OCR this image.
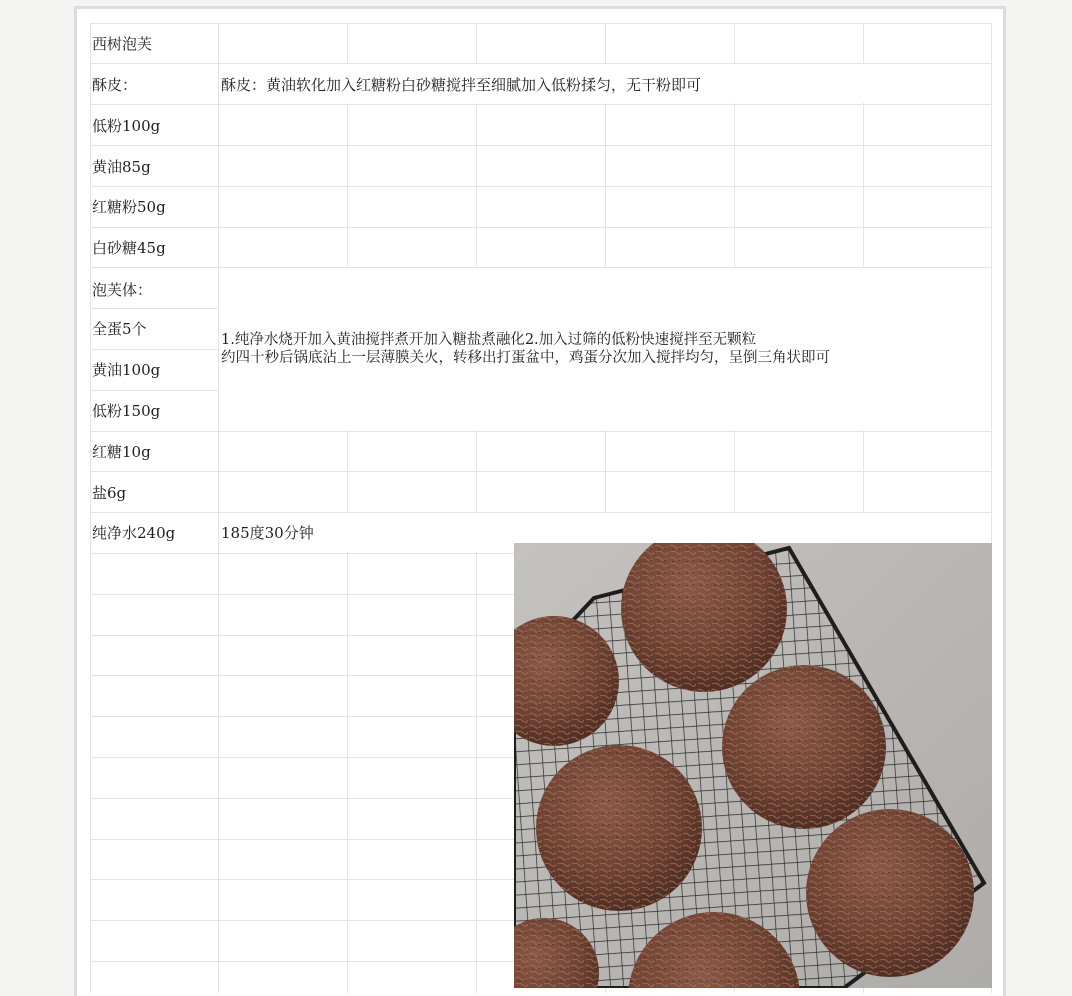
西树泡芙
酥皮：
低粉100g
黄油85g
红糖粉50g
白砂糖45g
泡芙体：
全蛋5个
黄油100g
低粉150g
红糖10g
盐6g
纯净水240g
酥皮：黄油软化加入红糖粉白砂糖搅拌至细腻加入低粉揉匀，无干粉即可
1.纯净水烧开加入黄油搅拌煮开加入糖盐煮融化2.加入过筛的低粉快速搅拌至无颗粒
约四十秒后锅底沾上一层薄膜关火，转移出打蛋盆中，鸡蛋分次加入搅拌均匀，呈倒三角状即可
185度30分钟
